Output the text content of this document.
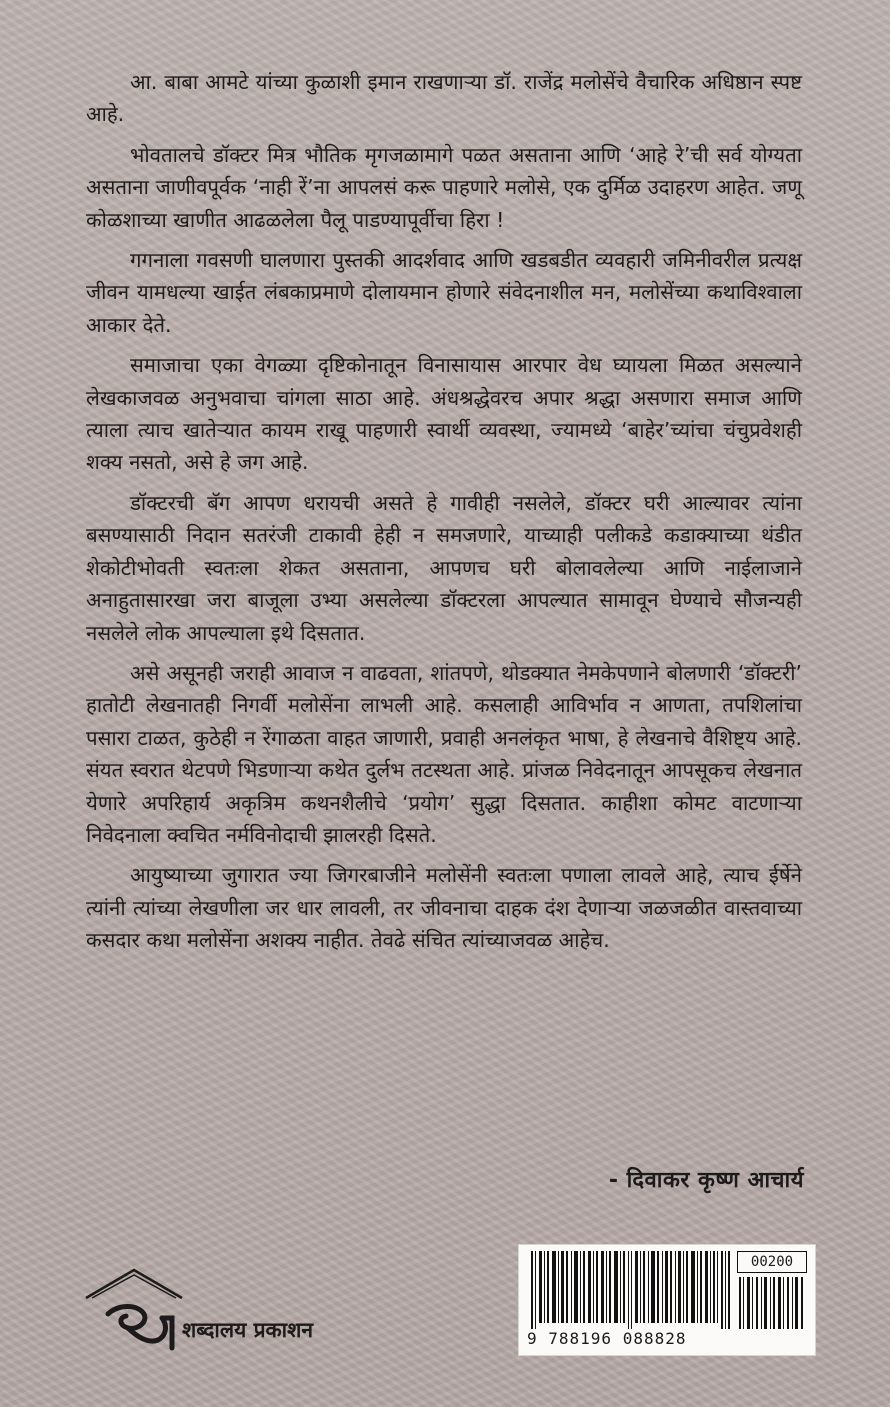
आ. बाबा आमटे यांच्या कुळाशी इमान राखणाऱ्या डॉ. राजेंद्र मलोसेंचे वैचारिक अधिष्ठान स्पष्ट आहे.

भोवतालचे डॉक्टर मित्र भौतिक मृगजळामागे पळत असताना आणि ‘आहे रे’ची सर्व योग्यता असताना जाणीवपूर्वक ‘नाही रें’ना आपलसं करू पाहणारे मलोसे, एक दुर्मिळ उदाहरण आहेत. जणू कोळशाच्या खाणीत आढळलेला पैलू पाडण्यापूर्वीचा हिरा !

गगनाला गवसणी घालणारा पुस्तकी आदर्शवाद आणि खडबडीत व्यवहारी जमिनीवरील प्रत्यक्ष जीवन यामधल्या खाईत लंबकाप्रमाणे दोलायमान होणारे संवेदनाशील मन, मलोसेंच्या कथाविश्वाला आकार देते.

समाजाचा एका वेगळ्या दृष्टिकोनातून विनासायास आरपार वेध घ्यायला मिळत असल्याने लेखकाजवळ अनुभवाचा चांगला साठा आहे. अंधश्रद्धेवरच अपार श्रद्धा असणारा समाज आणि त्याला त्याच खातेऱ्यात कायम राखू पाहणारी स्वार्थी व्यवस्था, ज्यामध्ये ‘बाहेर’च्यांचा चंचुप्रवेशही शक्य नसतो, असे हे जग आहे.

डॉक्टरची बॅग आपण धरायची असते हे गावीही नसलेले, डॉक्टर घरी आल्यावर त्यांना बसण्यासाठी निदान सतरंजी टाकावी हेही न समजणारे, याच्याही पलीकडे कडाक्याच्या थंडीत शेकोटीभोवती स्वतःला शेकत असताना, आपणच घरी बोलावलेल्या आणि नाईलाजाने अनाहुतासारखा जरा बाजूला उभ्या असलेल्या डॉक्टरला आपल्यात सामावून घेण्याचे सौजन्यही नसलेले लोक आपल्याला इथे दिसतात.

असे असूनही जराही आवाज न वाढवता, शांतपणे, थोडक्यात नेमकेपणाने बोलणारी ‘डॉक्टरी’ हातोटी लेखनातही निगर्वी मलोसेंना लाभली आहे. कसलाही आविर्भाव न आणता, तपशिलांचा पसारा टाळत, कुठेही न रेंगाळता वाहत जाणारी, प्रवाही अनलंकृत भाषा, हे लेखनाचे वैशिष्ट्य आहे. संयत स्वरात थेटपणे भिडणाऱ्या कथेत दुर्लभ तटस्थता आहे. प्रांजळ निवेदनातून आपसूकच लेखनात येणारे अपरिहार्य अकृत्रिम कथनशैलीचे ‘प्रयोग’ सुद्धा दिसतात. काहीशा कोमट वाटणाऱ्या निवेदनाला क्वचित नर्मविनोदाची झालरही दिसते.

आयुष्याच्या जुगारात ज्या जिगरबाजीने मलोसेंनी स्वतःला पणाला लावले आहे, त्याच ईर्षेने त्यांनी त्यांच्या लेखणीला जर धार लावली, तर जीवनाचा दाहक दंश देणाऱ्या जळजळीत वास्तवाच्या कसदार कथा मलोसेंना अशक्य नाहीत. तेवढे संचित त्यांच्याजवळ आहेच.

- दिवाकर कृष्ण आचार्य
शब्दालय प्रकाशन
00200
9 788196 088828
